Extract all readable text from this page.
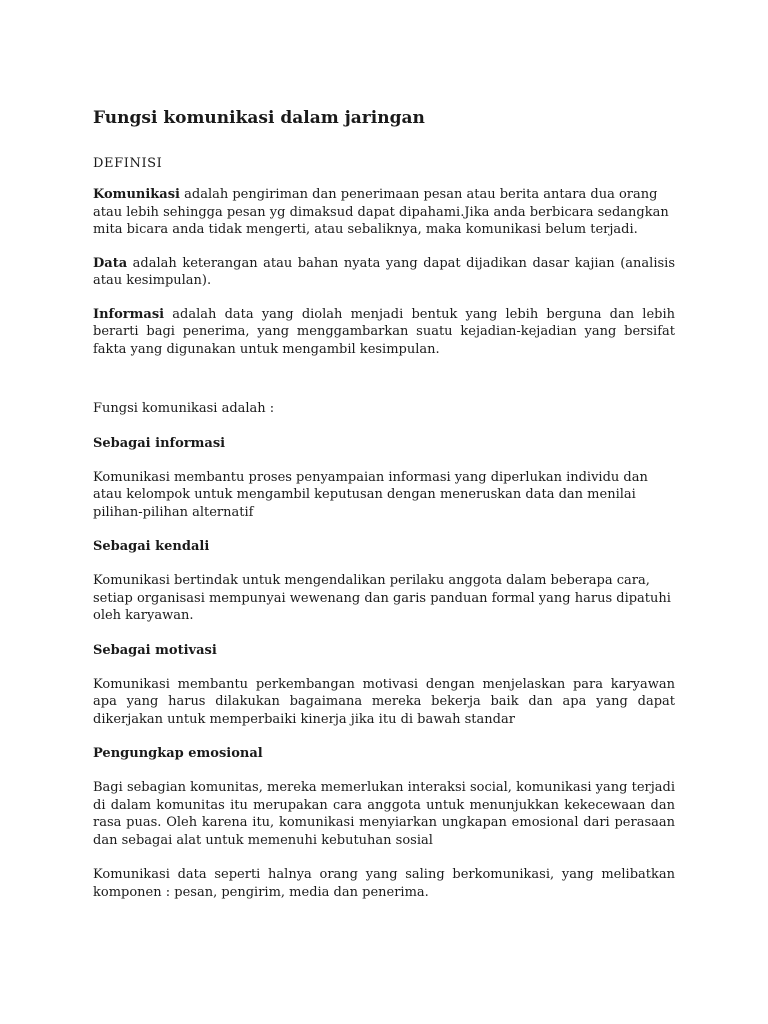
Fungsi komunikasi dalam jaringan
DEFINISI

Komunikasi adalah pengiriman dan penerimaan pesan atau berita antara dua orang atau lebih sehingga pesan yg dimaksud dapat dipahami.Jika anda berbicara sedangkan mita bicara anda tidak mengerti, atau sebaliknya, maka komunikasi belum terjadi.

Data adalah keterangan atau bahan nyata yang dapat dijadikan dasar kajian (analisis atau kesimpulan).

Informasi adalah data yang diolah menjadi bentuk yang lebih berguna dan lebih berarti bagi penerima, yang menggambarkan suatu kejadian-kejadian yang bersifat fakta yang digunakan untuk mengambil kesimpulan.

Fungsi komunikasi adalah :

Sebagai informasi

Komunikasi membantu proses penyampaian informasi yang diperlukan individu dan atau kelompok untuk mengambil keputusan dengan meneruskan data dan menilai pilihan-pilihan alternatif

Sebagai kendali

Komunikasi bertindak untuk mengendalikan perilaku anggota dalam beberapa cara, setiap organisasi mempunyai wewenang dan garis panduan formal yang harus dipatuhi oleh karyawan.

Sebagai motivasi

Komunikasi membantu perkembangan motivasi dengan menjelaskan para karyawan apa yang harus dilakukan bagaimana mereka bekerja baik dan apa yang dapat dikerjakan untuk memperbaiki kinerja jika itu di bawah standar

Pengungkap emosional

Bagi sebagian komunitas, mereka memerlukan interaksi social, komunikasi yang terjadi di dalam komunitas itu merupakan cara anggota untuk menunjukkan kekecewaan dan rasa puas. Oleh karena itu, komunikasi menyiarkan ungkapan emosional dari perasaan dan sebagai alat untuk memenuhi kebutuhan sosial

Komunikasi data seperti halnya orang yang saling berkomunikasi, yang melibatkan komponen : pesan, pengirim, media dan penerima.
